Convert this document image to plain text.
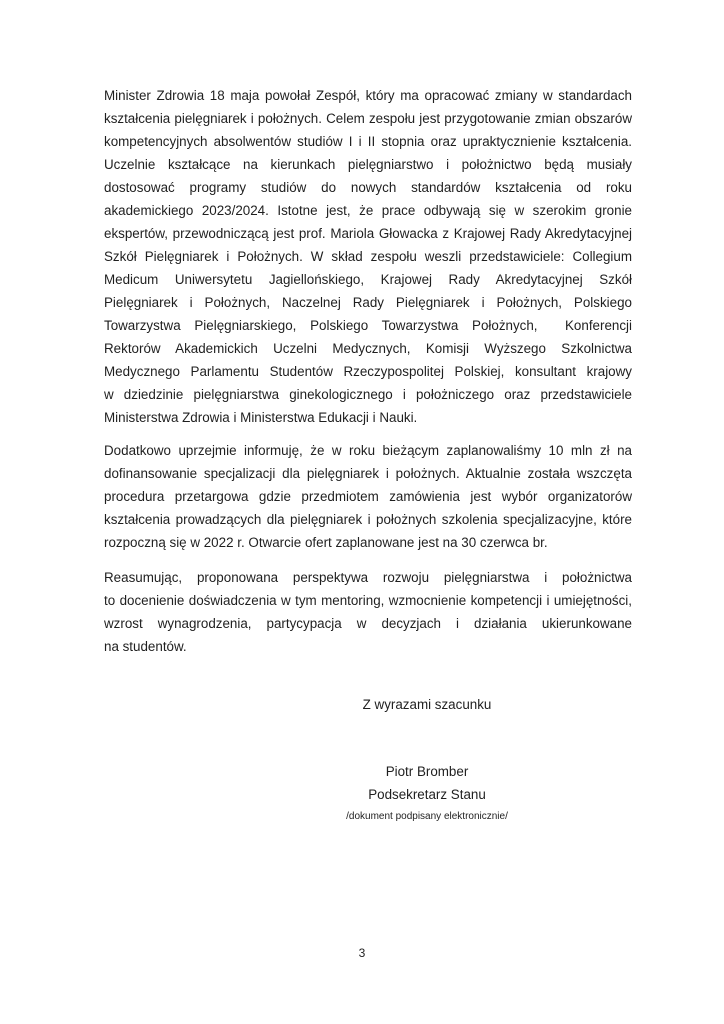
Minister Zdrowia 18 maja powołał Zespół, który ma opracować zmiany w standardach
kształcenia pielęgniarek i położnych. Celem zespołu jest przygotowanie zmian obszarów
kompetencyjnych absolwentów studiów I i II stopnia oraz upraktycznienie kształcenia.
Uczelnie kształcące na kierunkach pielęgniarstwo i położnictwo będą musiały
dostosować programy studiów do nowych standardów kształcenia od roku
akademickiego 2023/2024. Istotne jest, że prace odbywają się w szerokim gronie
ekspertów, przewodniczącą jest prof. Mariola Głowacka z Krajowej Rady Akredytacyjnej
Szkół Pielęgniarek i Położnych. W skład zespołu weszli przedstawiciele: Collegium
Medicum Uniwersytetu Jagiellońskiego, Krajowej Rady Akredytacyjnej Szkół
Pielęgniarek i Położnych, Naczelnej Rady Pielęgniarek i Położnych, Polskiego
Towarzystwa Pielęgniarskiego, Polskiego Towarzystwa Położnych,  Konferencji
Rektorów Akademickich Uczelni Medycznych, Komisji Wyższego Szkolnictwa
Medycznego Parlamentu Studentów Rzeczypospolitej Polskiej, konsultant krajowy
w dziedzinie pielęgniarstwa ginekologicznego i położniczego oraz przedstawiciele
Ministerstwa Zdrowia i Ministerstwa Edukacji i Nauki.
Dodatkowo uprzejmie informuję, że w roku bieżącym zaplanowaliśmy 10 mln zł na
dofinansowanie specjalizacji dla pielęgniarek i położnych. Aktualnie została wszczęta
procedura przetargowa gdzie przedmiotem zamówienia jest wybór organizatorów
kształcenia prowadzących dla pielęgniarek i położnych szkolenia specjalizacyjne, które
rozpoczną się w 2022 r. Otwarcie ofert zaplanowane jest na 30 czerwca br.
Reasumując, proponowana perspektywa rozwoju pielęgniarstwa i położnictwa
to docenienie doświadczenia w tym mentoring, wzmocnienie kompetencji i umiejętności,
wzrost wynagrodzenia, partycypacja w decyzjach i działania ukierunkowane
na studentów.
Z wyrazami szacunku
Piotr Bromber
Podsekretarz Stanu
/dokument podpisany elektronicznie/
3
